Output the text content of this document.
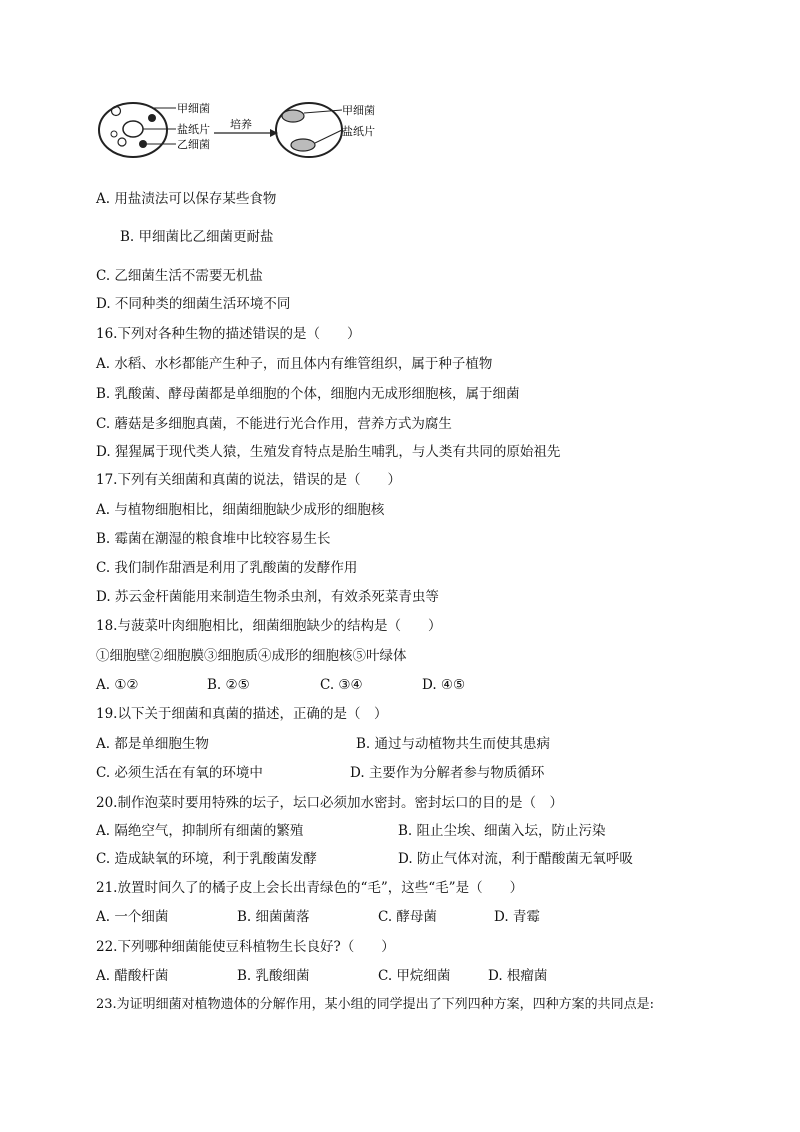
甲细菌
盐纸片
乙细菌
培养
甲细菌
盐纸片
A. 用盐渍法可以保存某些食物
B. 甲细菌比乙细菌更耐盐
C. 乙细菌生活不需要无机盐
D. 不同种类的细菌生活环境不同
16.下列对各种生物的描述错误的是（　　）
A. 水稻、水杉都能产生种子，而且体内有维管组织，属于种子植物
B. 乳酸菌、酵母菌都是单细胞的个体，细胞内无成形细胞核，属于细菌
C. 蘑菇是多细胞真菌，不能进行光合作用，营养方式为腐生
D. 猩猩属于现代类人猿，生殖发育特点是胎生哺乳，与人类有共同的原始祖先
17.下列有关细菌和真菌的说法，错误的是（　　）
A. 与植物细胞相比，细菌细胞缺少成形的细胞核
B. 霉菌在潮湿的粮食堆中比较容易生长
C. 我们制作甜酒是利用了乳酸菌的发酵作用
D. 苏云金杆菌能用来制造生物杀虫剂，有效杀死菜青虫等
18.与菠菜叶肉细胞相比，细菌细胞缺少的结构是（　　）
①细胞壁②细胞膜③细胞质④成形的细胞核⑤叶绿体
A. ①②	B. ②⑤	C. ③④	D. ④⑤
19.以下关于细菌和真菌的描述，正确的是（　）
A. 都是单细胞生物	B. 通过与动植物共生而使其患病
C. 必须生活在有氧的环境中	D. 主要作为分解者参与物质循环
20.制作泡菜时要用特殊的坛子，坛口必须加水密封。密封坛口的目的是（　）
A. 隔绝空气，抑制所有细菌的繁殖	B. 阻止尘埃、细菌入坛，防止污染
C. 造成缺氧的环境，利于乳酸菌发酵	D. 防止气体对流，利于醋酸菌无氧呼吸
21.放置时间久了的橘子皮上会长出青绿色的“毛”，这些“毛”是（　　）
A. 一个细菌	B. 细菌菌落	C. 酵母菌	D. 青霉
22.下列哪种细菌能使豆科植物生长良好?（　　）
A. 醋酸杆菌	B. 乳酸细菌	C. 甲烷细菌	D. 根瘤菌
23.为证明细菌对植物遗体的分解作用，某小组的同学提出了下列四种方案，四种方案的共同点是:
